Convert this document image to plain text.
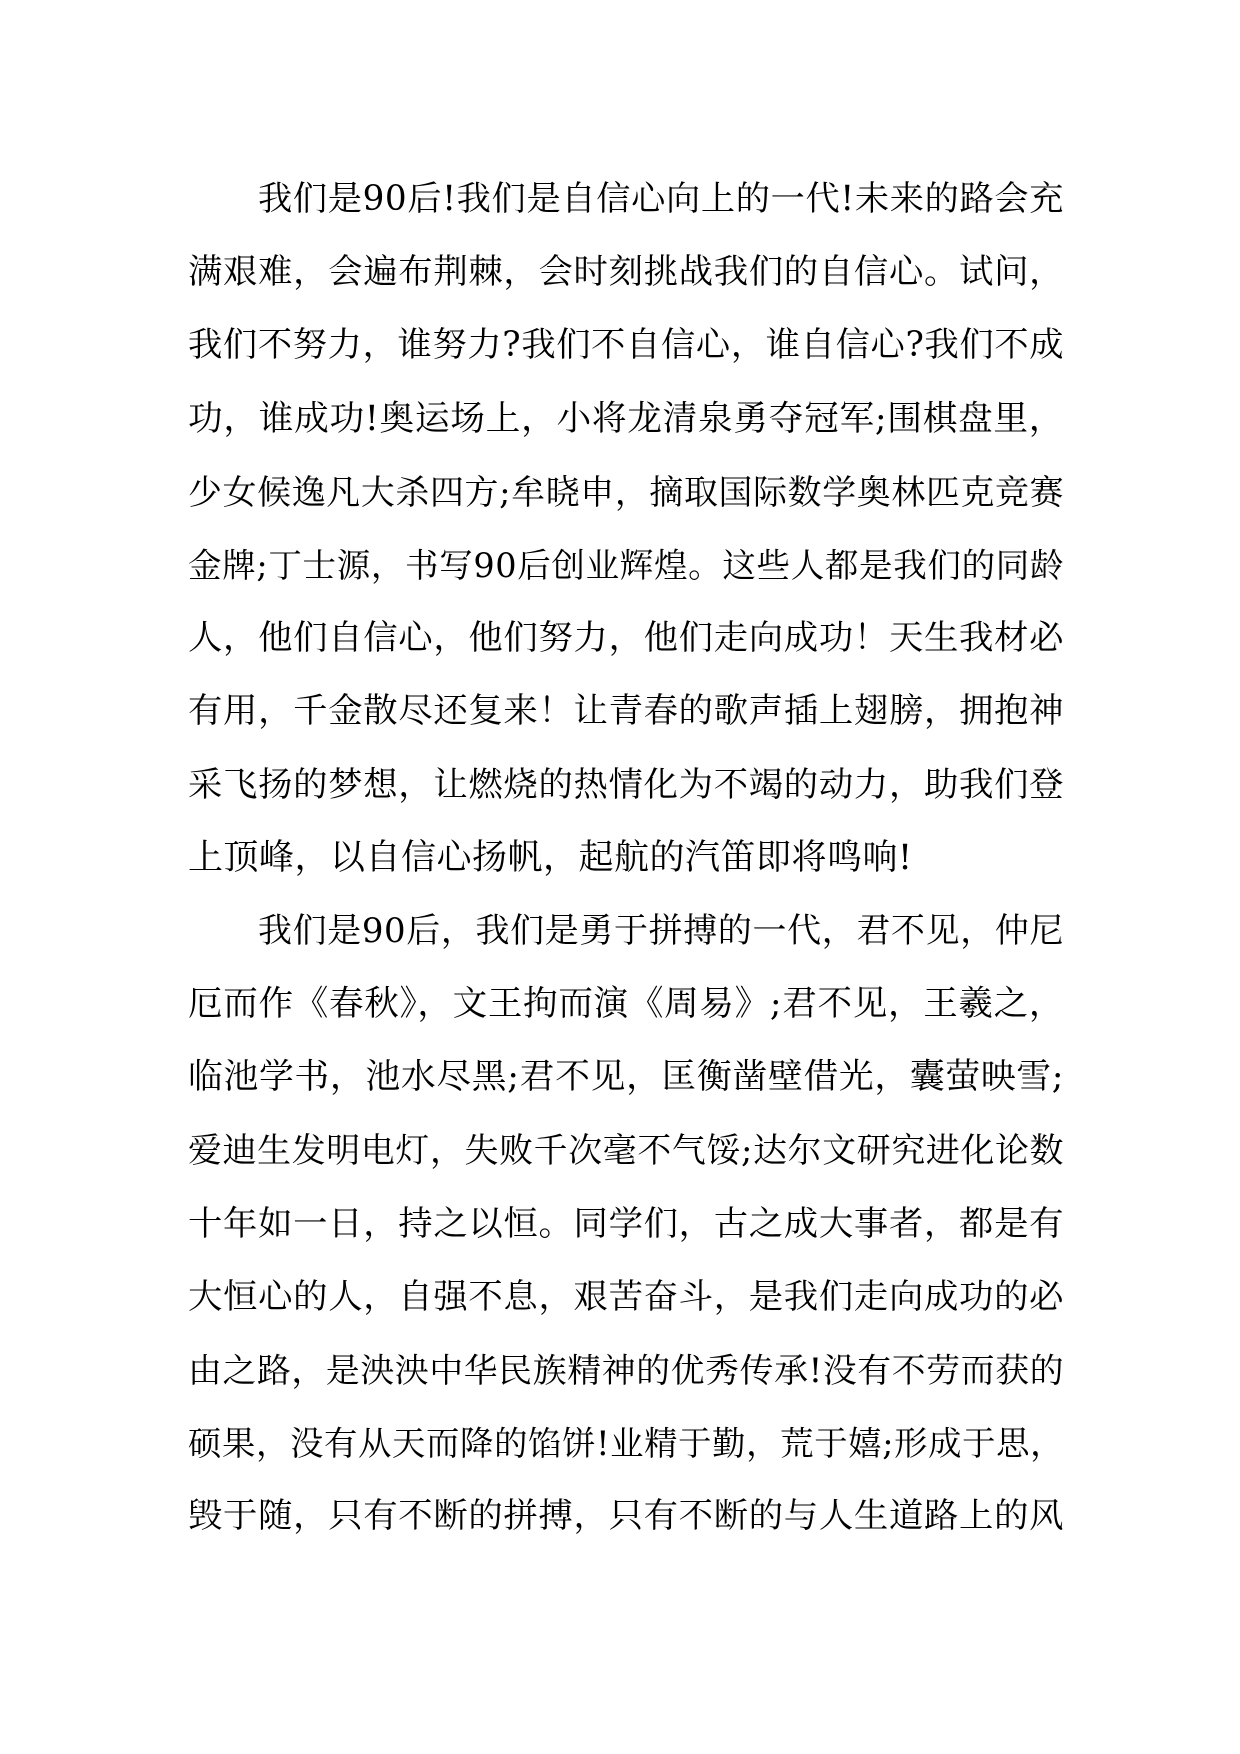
我们是90后!我们是自信心向上的一代!未来的路会充
满艰难，会遍布荆棘，会时刻挑战我们的自信心。试问，
我们不努力，谁努力?我们不自信心，谁自信心?我们不成
功，谁成功!奥运场上，小将龙清泉勇夺冠军;围棋盘里，
少女候逸凡大杀四方;牟晓申，摘取国际数学奥林匹克竞赛
金牌;丁士源，书写90后创业辉煌。这些人都是我们的同龄
人，他们自信心，他们努力，他们走向成功！天生我材必
有用，千金散尽还复来！让青春的歌声插上翅膀，拥抱神
采飞扬的梦想，让燃烧的热情化为不竭的动力，助我们登
上顶峰，以自信心扬帆，起航的汽笛即将鸣响!
我们是90后，我们是勇于拼搏的一代，君不见，仲尼
厄而作《春秋》，文王拘而演《周易》;君不见，王羲之，
临池学书，池水尽黑;君不见，匡衡凿壁借光，囊萤映雪;
爱迪生发明电灯，失败千次毫不气馁;达尔文研究进化论数
十年如一日，持之以恒。同学们，古之成大事者，都是有
大恒心的人，自强不息，艰苦奋斗，是我们走向成功的必
由之路，是泱泱中华民族精神的优秀传承!没有不劳而获的
硕果，没有从天而降的馅饼!业精于勤，荒于嬉;形成于思，
毁于随，只有不断的拼搏，只有不断的与人生道路上的风
